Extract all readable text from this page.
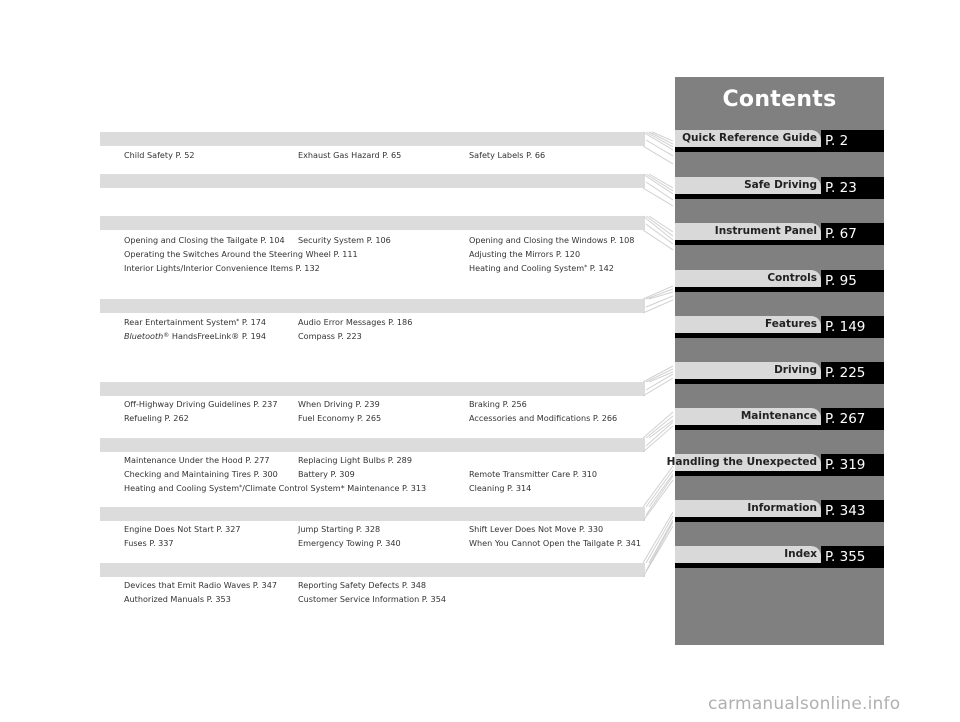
Child Safety P. 52	Exhaust Gas Hazard P. 65	Safety Labels P. 66
Opening and Closing the Tailgate P. 104 Security System P. 106	Opening and Closing the Windows P. 108
Operating the Switches Around the Steering Wheel P. 111	Adjusting the Mirrors P. 120
Interior Lights/Interior Convenience Items P. 132	Heating and Cooling System* P. 142
Rear Entertainment System* P. 174	Audio Error Messages P. 186
Bluetooth® HandsFreeLink® P. 194	Compass P. 223
Off-Highway Driving Guidelines P. 237	When Driving P. 239	Braking P. 256
Refueling P. 262	Fuel Economy P. 265	Accessories and Modifications P. 266
Maintenance Under the Hood P. 277	Replacing Light Bulbs P. 289
Checking and Maintaining Tires P. 300 Battery P. 309	Remote Transmitter Care P. 310
Heating and Cooling System*/Climate Control System* Maintenance P. 313	Cleaning P. 314
Engine Does Not Start P. 327	Jump Starting P. 328	Shift Lever Does Not Move P. 330
Fuses P. 337	Emergency Towing P. 340	When You Cannot Open the Tailgate P. 341
Devices that Emit Radio Waves P. 347	Reporting Safety Defects P. 348
Authorized Manuals P. 353	Customer Service Information P. 354
Contents
Quick Reference Guide P. 2
Safe Driving P. 23
Instrument Panel P. 67
Controls P. 95
Features P. 149
Driving P. 225
Maintenance P. 267
Handling the Unexpected P. 319
Information P. 343
Index P. 355
carmanualsonline.info
